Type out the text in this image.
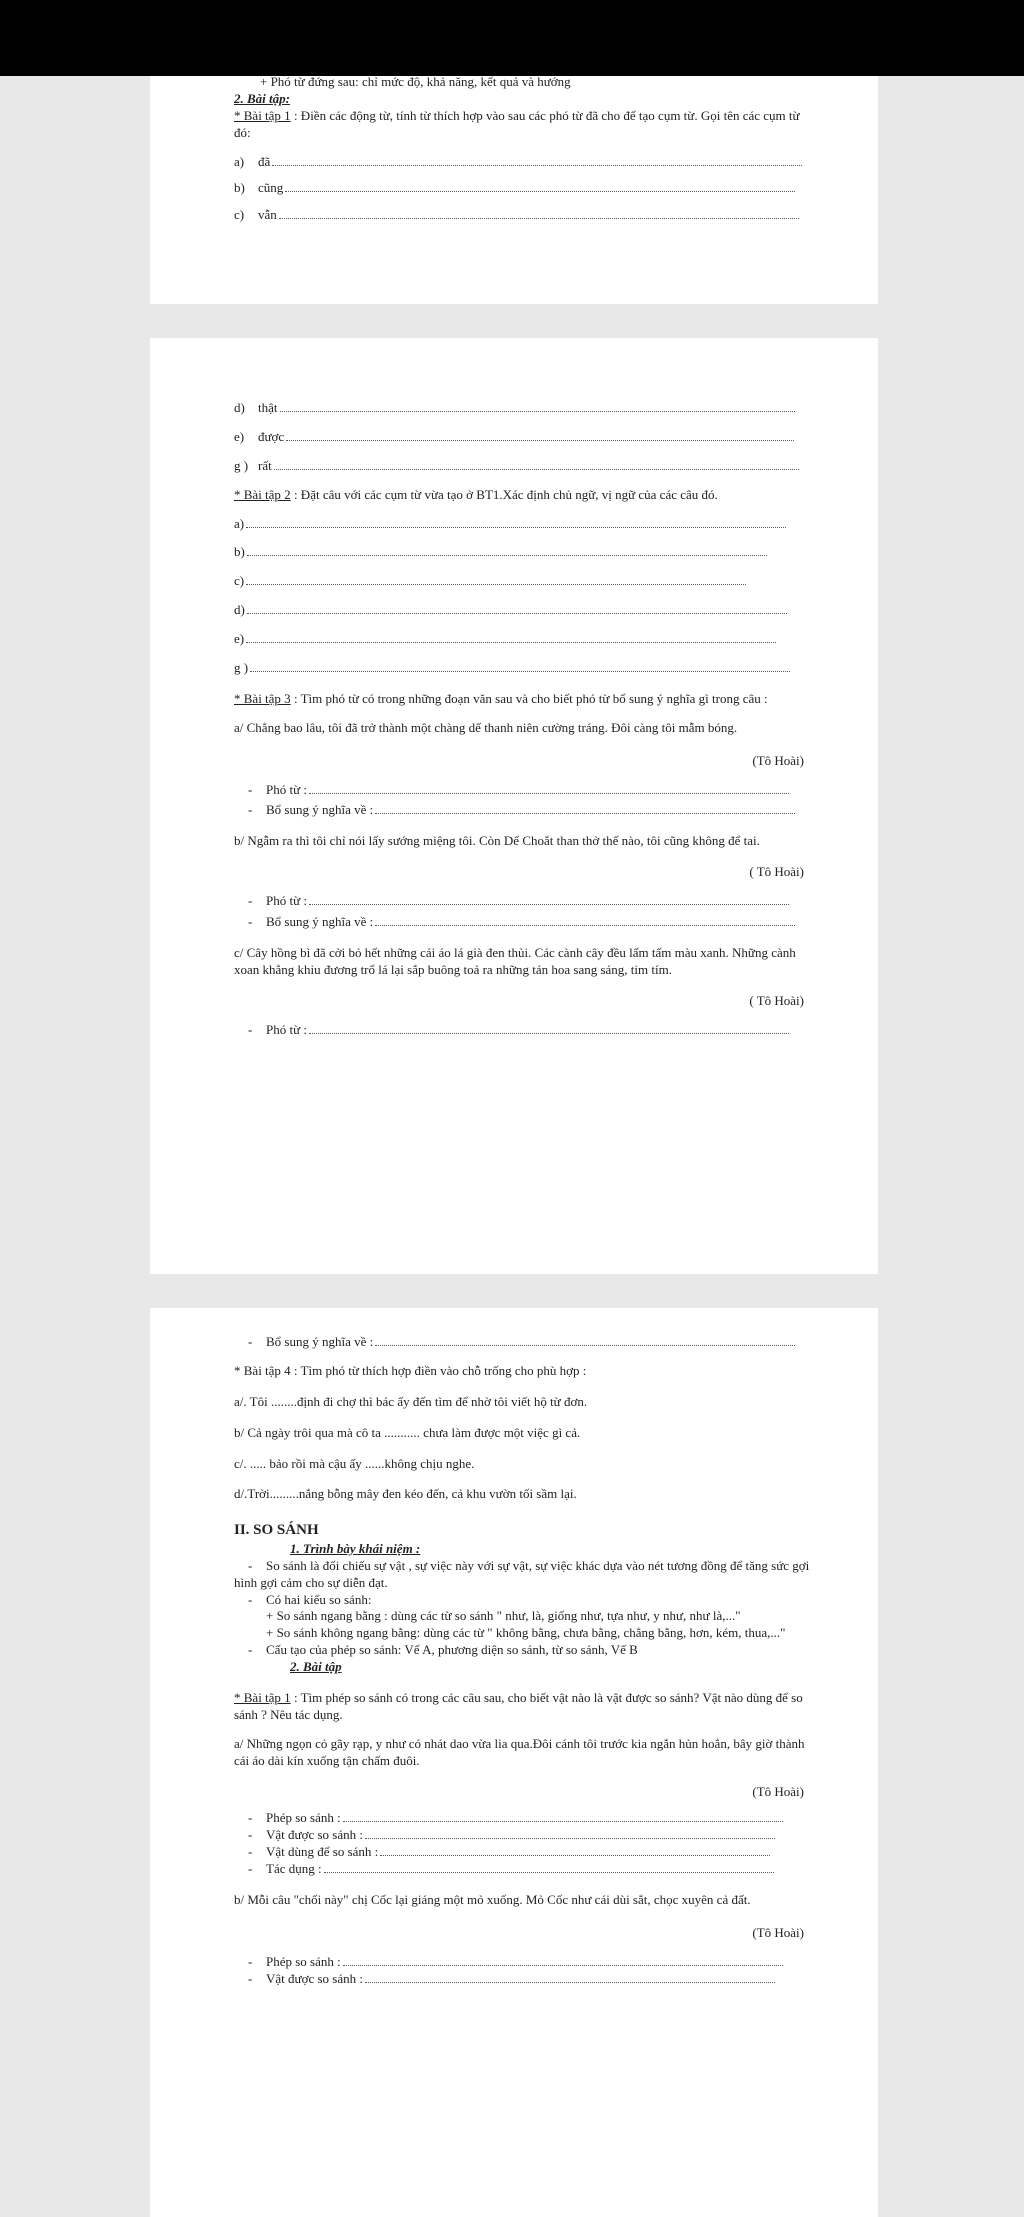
+ Phó từ đứng sau: chỉ mức độ, khả năng, kết quả và hướng
2. Bài tập:
* Bài tập 1 : Điền các động từ, tính từ thích hợp vào sau các phó từ đã cho để tạo cụm từ. Gọi tên các cụm từ đó:
a) đã
b) cũng
c) vẫn
d) thật
e) được
g ) rất
* Bài tập 2 : Đặt câu với các cụm từ vừa tạo ở BT1.Xác định chủ ngữ, vị ngữ của các câu đó.
a)
b)
c)
d)
e)
g )
* Bài tập 3 : Tìm phó từ có trong những đoạn văn sau và cho biết phó từ bổ sung ý nghĩa gì trong câu :
a/ Chẳng bao lâu, tôi đã trở thành một chàng dế thanh niên cường tráng. Đôi càng tôi mẫm bóng.
(Tô Hoài)
- Phó từ :
- Bổ sung ý nghĩa về :
b/ Ngẫm ra thì tôi chỉ nói lấy sướng miệng tôi. Còn Dế Choắt than thở thế nào, tôi cũng không để tai.
( Tô Hoài)
- Phó từ :
- Bổ sung ý nghĩa về :
c/ Cây hồng bì đã cởi bỏ hết những cái áo lá già đen thủi. Các cành cây đều lấm tấm màu xanh. Những cành xoan khẳng khiu đương trổ lá lại sắp buông toả ra những tán hoa sang sáng, tim tím.
( Tô Hoài)
- Phó từ :
- Bổ sung ý nghĩa về :
* Bài tập 4 : Tìm phó từ thích hợp điền vào chỗ trống cho phù hợp :
a/. Tôi ........định đi chợ thì bác ấy đến tìm để nhờ tôi viết hộ từ đơn.
b/ Cả ngày trôi qua mà cô ta ........... chưa làm được một việc gì cả.
c/. ..... bảo rồi mà cậu ấy ......không chịu nghe.
d/.Trời.........nắng bỗng mây đen kéo đến, cả khu vườn tối sầm lại.
II. SO SÁNH
1. Trình bày khái niệm :
- So sánh là đối chiếu sự vật , sự việc này với sự vật, sự việc khác dựa vào nét tương đồng để tăng sức gợi hình gợi cảm cho sự diễn đạt.
- Có hai kiểu so sánh:
+ So sánh ngang bằng : dùng các từ so sánh " như, là, giống như, tựa như, y như, như là,..."
+ So sánh không ngang bằng: dùng các từ " không bằng, chưa bằng, chẳng bằng, hơn, kém, thua,..."
- Cấu tạo của phép so sánh: Vế A, phương diện so sánh, từ so sánh, Vế B
2. Bài tập
* Bài tập 1 : Tìm phép so sánh có trong các câu sau, cho biết vật nào là vật được so sánh? Vật nào dùng để so sánh ? Nêu tác dụng.
a/ Những ngọn cỏ gãy rạp, y như có nhát dao vừa lia qua.Đôi cánh tôi trước kia ngắn hủn hoẳn, bây giờ thành cái áo dài kín xuống tận chấm đuôi.
(Tô Hoài)
- Phép so sánh :
- Vật được so sánh :
- Vật dùng để so sánh :
- Tác dụng :
b/ Mỗi câu "chối này" chị Cốc lại giáng một mỏ xuống. Mỏ Cốc như cái dùi sắt, chọc xuyên cả đất.
(Tô Hoài)
- Phép so sánh :
- Vật được so sánh :
